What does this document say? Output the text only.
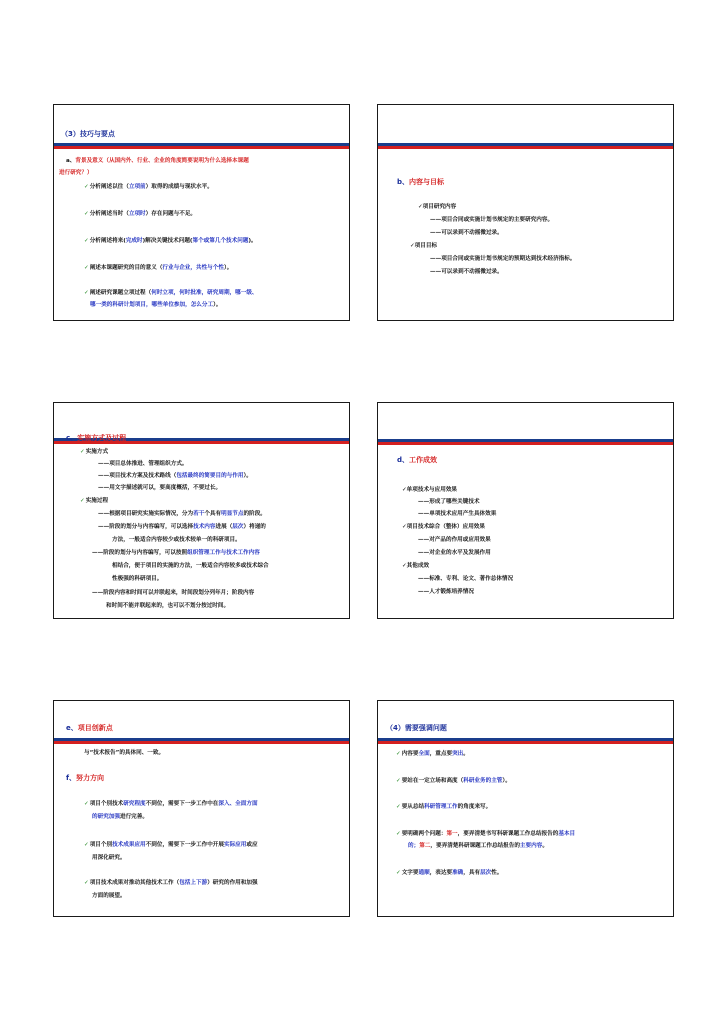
（3）技巧与要点
a、背景及意义（从国内外、行业、企业的角度简要说明为什么选择本课题
进行研究？）
✓分析阐述以往（立项前）取得的成绩与现状水平。
✓分析阐述当时（立项时）存在问题与不足。
✓分析阐述将来(完成时)解决关键技术问题(第个或第几个技术问题)。
✓阐述本课题研究的目的意义（行业与企业，共性与个性）。
✓阐述研究课题立项过程（何时立项，何时批准，研究周期，哪一级、
哪一类的科研计划项目，哪些单位参加，怎么分工）。
b、内容与目标
✓项目研究内容
——项目合同或实施计划书规定的主要研究内容。
——可以录到不动摇微过录。
✓项目目标
——项目合同或实施计划书规定的预期达到技术经济指标。
——可以录到不动摇微过录。
c、实施方式及过程
✓实施方式
——项目总体推进、管理组织方式。
——项目技术方案及技术路线（包括最终的简要目的与作用）。
——用文字描述就可以，要高度概括，不要过长。
✓实施过程
——根据项目研究实施实际情况，分为若干个具有明显节点的阶段。
——阶段的划分与内容编写，可以选择技术内容进展（层次）将递的
方法，一般适合内容较少或技术较单一的科研项目。
——阶段的划分与内容编写，可以按照组织管理工作与技术工作内容
相结合，便于项目的实施的方法，一般适合内容较多或技术综合
性极强的科研项目。
——阶段内容和时间可以并联起来，时间段划分列年月；阶段内容
和时间不能并联起来的，也可以不划分按过时间。
d、工作成效
✓单项技术与应用效果
——形成了哪些关键技术
——单项技术应用产生具体效果
✓项目技术综合（整体）应用效果
——对产品的作用或应用效果
——对企业的水平及发展作用
✓其他成效
——标准、专利、论文、著作总体情况
——人才锻炼培养情况
e、项目创新点
与“技术报告”的具体同、一致。
f、努力方向
✓项目个别技术研究程度不到位，需要下一步工作中在深入、全面方面
的研究加强进行完善。
✓项目个别技术成果应用不到位，需要下一步工作中开展实际应用或应
用深化研究。
✓项目技术成果对推动其他技术工作（包括上下游）研究的作用和加强
方面的展望。
（4）需要强调问题
✓内容要全面，重点要突出。
✓要站在一定立场和高度（科研业务的主管）。
✓要从总结科研管理工作的角度来写。
✓要明确两个问题：第一，要弄清楚书写科研课题工作总结报告的基本目
的；第二，要弄清楚科研课题工作总结报告的主要内容。
✓文字要通顺，表达要准确，具有层次性。
